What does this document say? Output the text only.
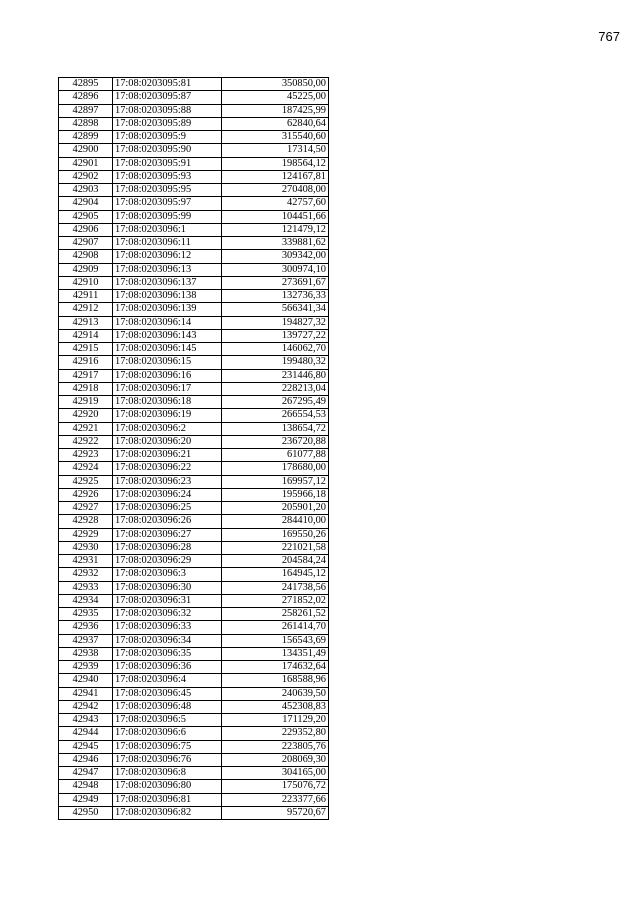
767
42895	17:08:0203095:81	350850,00
42896	17:08:0203095:87	45225,00
42897	17:08:0203095:88	187425,99
42898	17:08:0203095:89	62840,64
42899	17:08:0203095:9	315540,60
42900	17:08:0203095:90	17314,50
42901	17:08:0203095:91	198564,12
42902	17:08:0203095:93	124167,81
42903	17:08:0203095:95	270408,00
42904	17:08:0203095:97	42757,60
42905	17:08:0203095:99	104451,66
42906	17:08:0203096:1	121479,12
42907	17:08:0203096:11	339881,62
42908	17:08:0203096:12	309342,00
42909	17:08:0203096:13	300974,10
42910	17:08:0203096:137	273691,67
42911	17:08:0203096:138	132736,33
42912	17:08:0203096:139	566341,34
42913	17:08:0203096:14	194827,32
42914	17:08:0203096:143	139727,22
42915	17:08:0203096:145	146062,70
42916	17:08:0203096:15	199480,32
42917	17:08:0203096:16	231446,80
42918	17:08:0203096:17	228213,04
42919	17:08:0203096:18	267295,49
42920	17:08:0203096:19	266554,53
42921	17:08:0203096:2	138654,72
42922	17:08:0203096:20	236720,88
42923	17:08:0203096:21	61077,88
42924	17:08:0203096:22	178680,00
42925	17:08:0203096:23	169957,12
42926	17:08:0203096:24	195966,18
42927	17:08:0203096:25	205901,20
42928	17:08:0203096:26	284410,00
42929	17:08:0203096:27	169550,26
42930	17:08:0203096:28	221021,58
42931	17:08:0203096:29	204584,24
42932	17:08:0203096:3	164945,12
42933	17:08:0203096:30	241738,56
42934	17:08:0203096:31	271852,02
42935	17:08:0203096:32	258261,52
42936	17:08:0203096:33	261414,70
42937	17:08:0203096:34	156543,69
42938	17:08:0203096:35	134351,49
42939	17:08:0203096:36	174632,64
42940	17:08:0203096:4	168588,96
42941	17:08:0203096:45	240639,50
42942	17:08:0203096:48	452308,83
42943	17:08:0203096:5	171129,20
42944	17:08:0203096:6	229352,80
42945	17:08:0203096:75	223805,76
42946	17:08:0203096:76	208069,30
42947	17:08:0203096:8	304165,00
42948	17:08:0203096:80	175076,72
42949	17:08:0203096:81	223377,66
42950	17:08:0203096:82	95720,67
